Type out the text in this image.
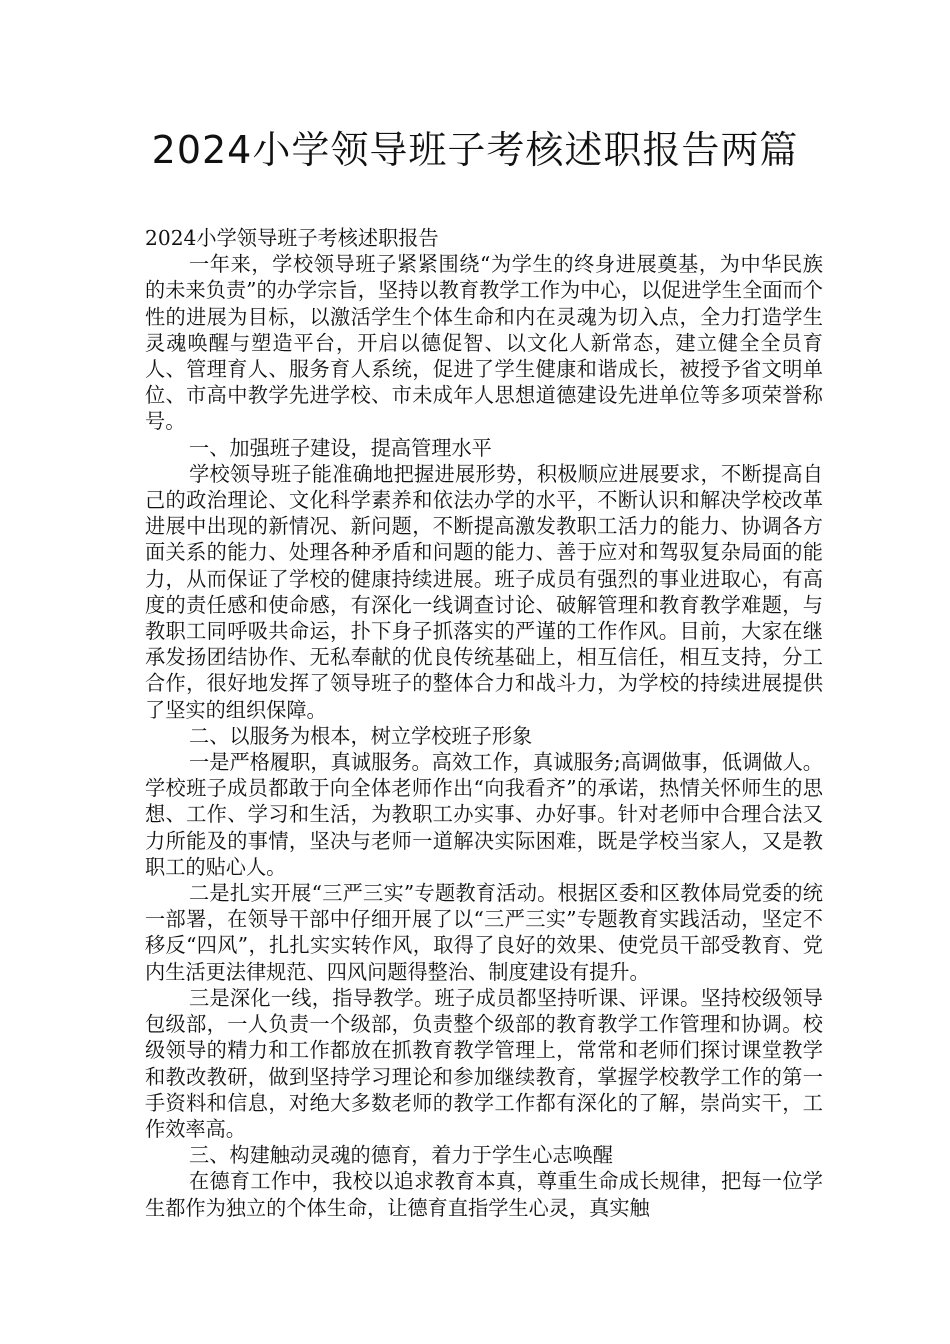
2024小学领导班子考核述职报告两篇

2024小学领导班子考核述职报告

一年来，学校领导班子紧紧围绕“为学生的终身进展奠基，为中华民族的未来负责”的办学宗旨，坚持以教育教学工作为中心，以促进学生全面而个性的进展为目标，以激活学生个体生命和内在灵魂为切入点，全力打造学生灵魂唤醒与塑造平台，开启以德促智、以文化人新常态，建立健全全员育人、管理育人、服务育人系统，促进了学生健康和谐成长，被授予省文明单位、市高中教学先进学校、市未成年人思想道德建设先进单位等多项荣誉称号。

一、加强班子建设，提高管理水平

学校领导班子能准确地把握进展形势，积极顺应进展要求，不断提高自己的政治理论、文化科学素养和依法办学的水平，不断认识和解决学校改革进展中出现的新情况、新问题，不断提高激发教职工活力的能力、协调各方面关系的能力、处理各种矛盾和问题的能力、善于应对和驾驭复杂局面的能力，从而保证了学校的健康持续进展。班子成员有强烈的事业进取心，有高度的责任感和使命感，有深化一线调查讨论、破解管理和教育教学难题，与教职工同呼吸共命运，扑下身子抓落实的严谨的工作作风。目前，大家在继承发扬团结协作、无私奉献的优良传统基础上，相互信任，相互支持，分工合作，很好地发挥了领导班子的整体合力和战斗力，为学校的持续进展提供了坚实的组织保障。

二、以服务为根本，树立学校班子形象

一是严格履职，真诚服务。高效工作，真诚服务;高调做事，低调做人。学校班子成员都敢于向全体老师作出“向我看齐”的承诺，热情关怀师生的思想、工作、学习和生活，为教职工办实事、办好事。针对老师中合理合法又力所能及的事情，坚决与老师一道解决实际困难，既是学校当家人，又是教职工的贴心人。

二是扎实开展“三严三实”专题教育活动。根据区委和区教体局党委的统一部署，在领导干部中仔细开展了以“三严三实”专题教育实践活动，坚定不移反“四风”，扎扎实实转作风，取得了良好的效果、使党员干部受教育、党内生活更法律规范、四风问题得整治、制度建设有提升。

三是深化一线，指导教学。班子成员都坚持听课、评课。坚持校级领导包级部，一人负责一个级部，负责整个级部的教育教学工作管理和协调。校级领导的精力和工作都放在抓教育教学管理上，常常和老师们探讨课堂教学和教改教研，做到坚持学习理论和参加继续教育，掌握学校教学工作的第一手资料和信息，对绝大多数老师的教学工作都有深化的了解，崇尚实干，工作效率高。

三、构建触动灵魂的德育，着力于学生心志唤醒

在德育工作中，我校以追求教育本真，尊重生命成长规律，把每一位学生都作为独立的个体生命，让德育直指学生心灵，真实触
